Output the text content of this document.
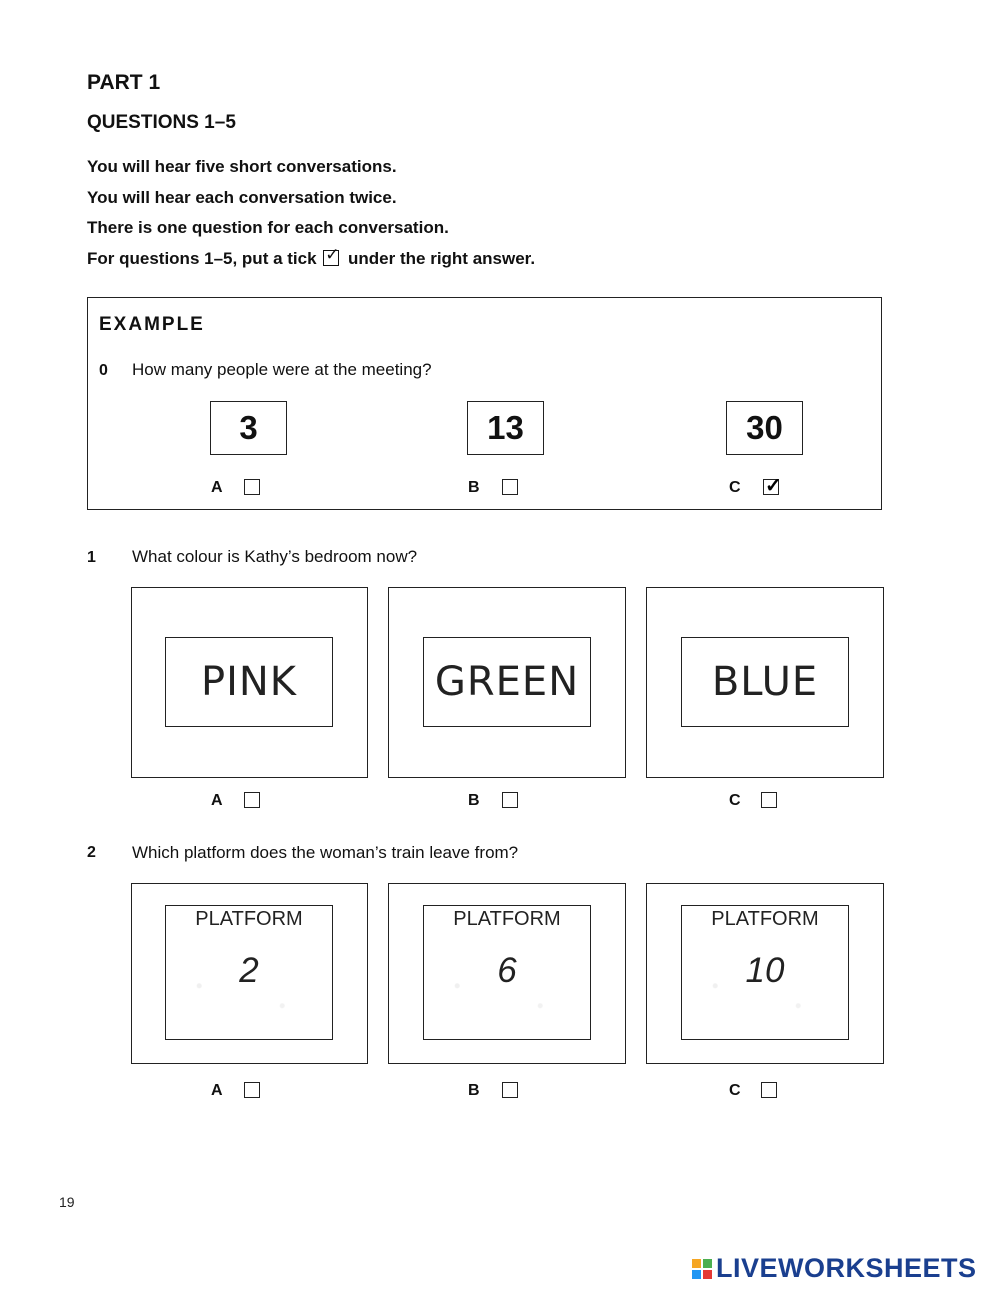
PART 1
QUESTIONS 1–5
You will hear five short conversations.
You will hear each conversation twice.
There is one question for each conversation.
For questions 1–5, put a tick ✓ under the right answer.
EXAMPLE
0 How many people were at the meeting?
3	13	30
A	B	C
✓
1 What colour is Kathy’s bedroom now?
PINK	GREEN	BLUE
A	B	C
2 Which platform does the woman’s train leave from?
PLATFORM
2
PLATFORM
6
PLATFORM
10
A	B	C
19
LIVEWORKSHEETS
